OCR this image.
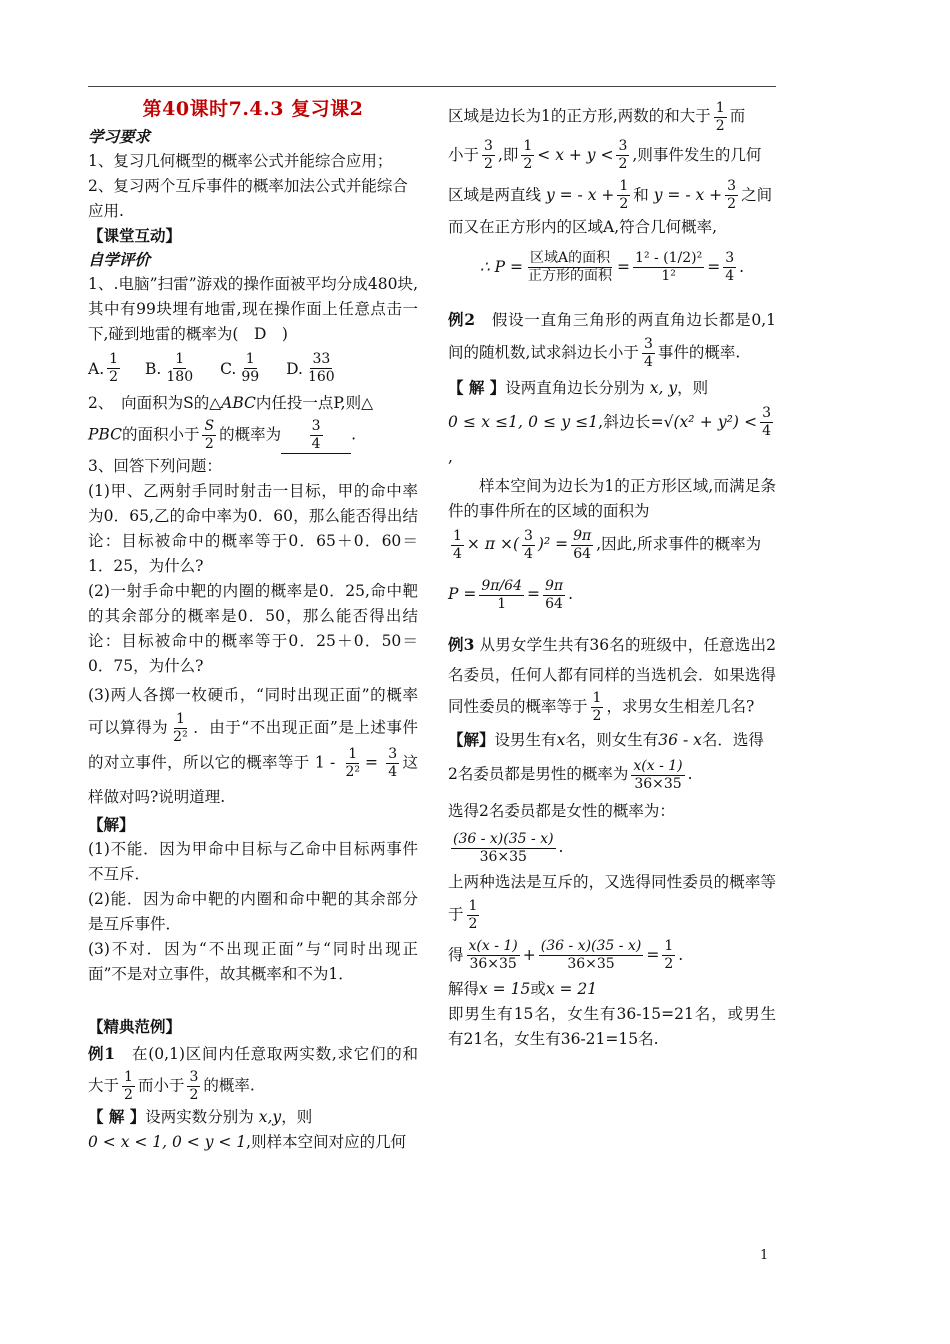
第40课时7.4.3 复习课2
学习要求

1、复习几何概型的概率公式并能综合应用；

2、复习两个互斥事件的概率加法公式并能综合应用.

【课堂互动】
自学评价

1、.电脑”扫雷”游戏的操作面被平均分成480块,其中有99块埋有地雷,现在操作面上任意点击一下,碰到地雷的概率为(　D　)

A. $\frac{1}{2} B$. $\frac{1}{180} C$. $\frac{1}{99} D$. $\frac{33}{160}$

2、　向面积为S的△ABC内任投一点P,则△
PBC的面积小于 $\frac{S}{2}$ 的概率为 $\frac{3}{4}$ .

3、回答下列问题：

(1)甲、乙两射手同时射击一目标，甲的命中率为0．65,乙的命中率为0．60，那么能否得出结论：目标被命中的概率等于0．65＋0．60＝1．25，为什么?

(2)一射手命中靶的内圈的概率是0．25,命中靶的其余部分的概率是0．50，那么能否得出结论：目标被命中的概率等于0．25＋0．50＝0．75，为什么?

(3)两人各掷一枚硬币，“同时出现正面”的概率可以算得为 $\frac{1}{\text{2²}}$ ．由于“不出现正面”是上述事件的对立事件，所以它的概率等于 $1 - \frac{1}{\text{2²}} = \frac{3}{4}$ 这样做对吗?说明道理.

【解】

(1)不能．因为甲命中目标与乙命中目标两事件不互斥．

(2)能．因为命中靶的内圈和命中靶的其余部分是互斥事件．

(3)不对．因为“不出现正面”与“同时出现正面”不是对立事件，故其概率和不为1．

【精典范例】

例1　在(0,1)区间内任意取两实数,求它们的和大于 $\frac{1}{2}$ 而小于 $\frac{3}{2}$ 的概率.

【 解 】设两实数分别为 x,y，则
0 < x < 1, 0 < y < 1,则样本空间对应的几何

区域是边长为1的正方形,两数的和大于 $\frac{1}{2}$ 而

小于 $\frac{3}{2}$ ,即 $\frac{1}{2} < x + y < \frac{3}{2}$ ,则事件发生的几何

区域是两直线 y = - $x + \frac{1}{2}$ 和 y = - $x + \frac{3}{2}$ 之间

而又在正方形内的区域A,符合几何概率,

∴ $P = \frac{\text{区域A的面积}}{\text{正方形的面积}} = \frac{\text{1² - (1/2)²}}{\text{1²}} = \frac{3}{4}$ .

例2　假设一直角三角形的两直角边长都是0,1间的随机数,试求斜边长小于 $\frac{3}{4}$ 事件的概率.

【 解 】设两直角边长分别为 x, y，则
0 ≤ x ≤1, 0 ≤ y ≤1,斜边长$=√(x^2 + y^2) < \frac{3}{4}$
,

样本空间为边长为1的正方形区域,而满足条件的事件所在的区域的面积为

$\frac{1}{4} \times \pi$ ×( $\frac{3}{4} )^2 = \frac{9\pi}{64}$ ,因此,所求事件的概率为

$P = \frac{9\pi/64}{1} = \frac{9\pi}{64}$ .

例3 从男女学生共有36名的班级中，任意选出2名委员，任何人都有同样的当选机会．如果选得同性委员的概率等于 $\frac{1}{2}$ ，求男女生相差几名?

【解】设男生有x名，则女生有36 - x名．选得

2名委员都是男性的概率为 $\frac{x(x - 1)}{36\times 35}$ .

选得2名委员都是女性的概率为：

$\frac{(36 - x)(35 - x)}{36\times 35}$ .

上两种选法是互斥的，又选得同性委员的概率等于 $\frac{1}{2}$

得 $\frac{x(x - 1)}{36\times 35} + \frac{(36 - x)(35 - x)}{36\times 35} = \frac{1}{2}$ .

解得x = 15或x = 21

即男生有15名，女生有36-15=21名，或男生有21名，女生有36-21=15名.

1
